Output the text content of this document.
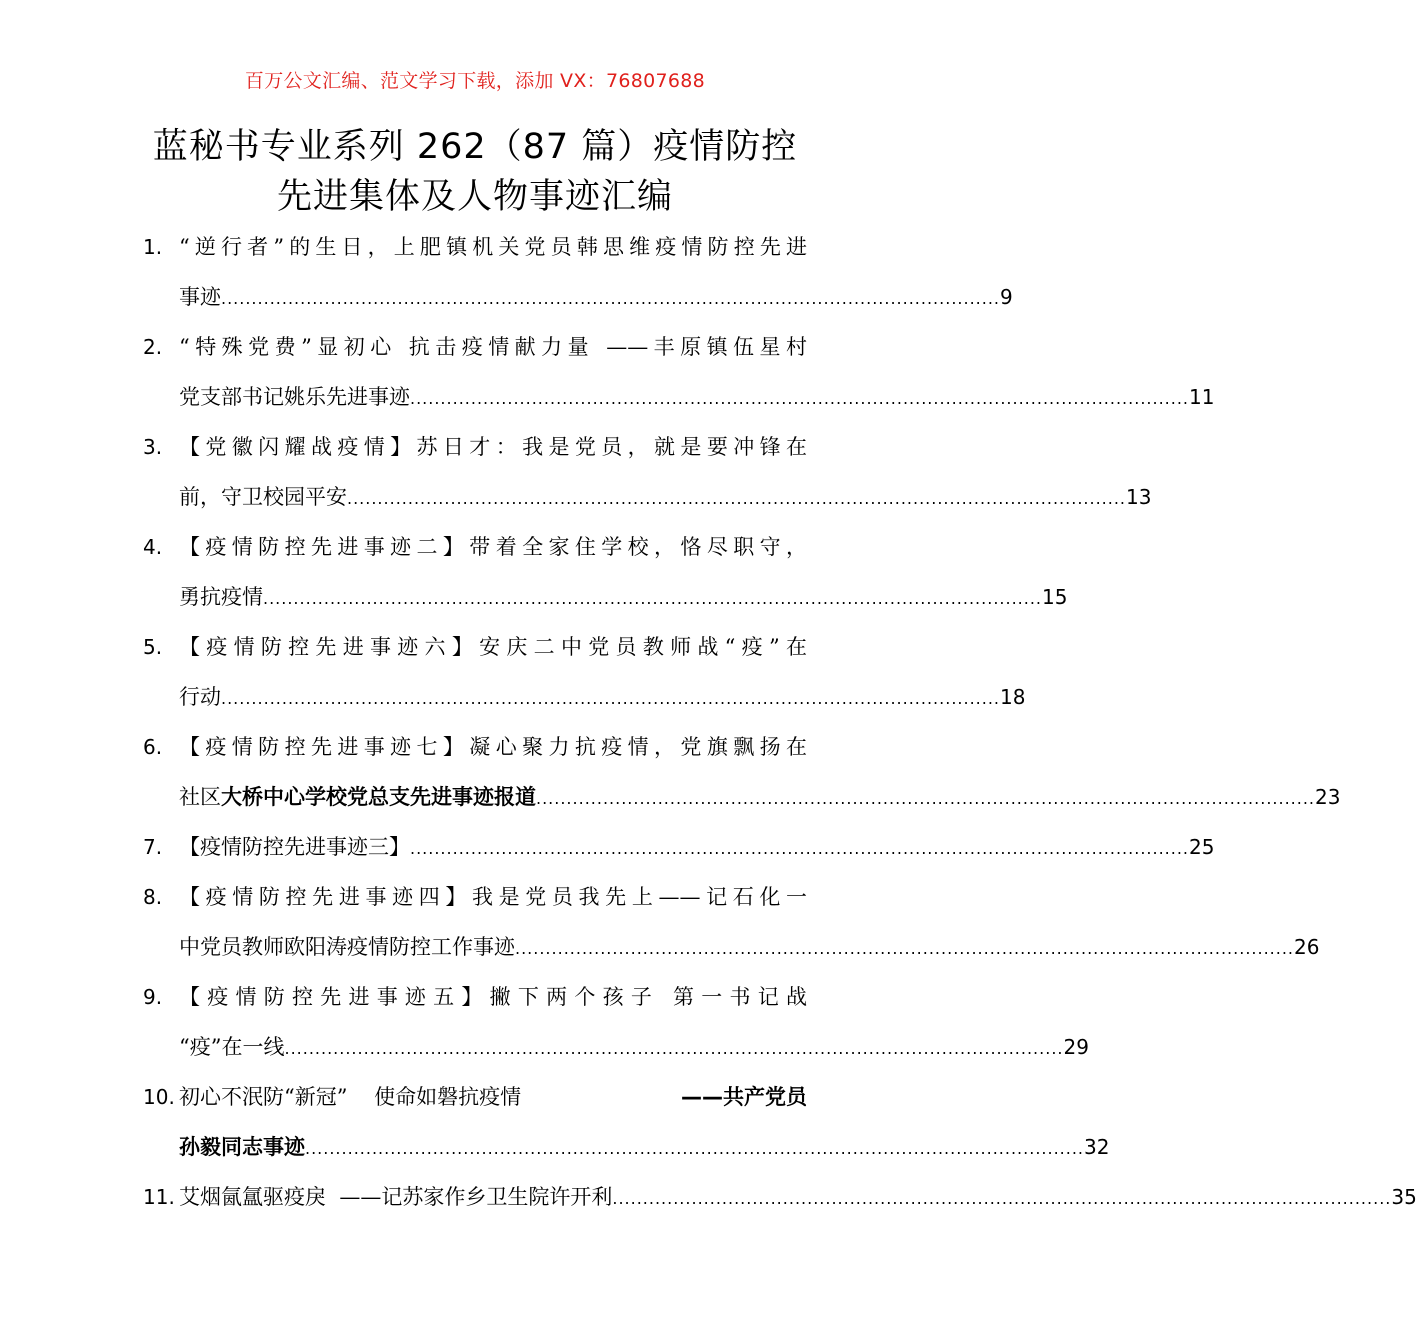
百万公文汇编、范文学习下载，添加 VX：76807688
蓝秘书专业系列 262（87 篇）疫情防控
先进集体及人物事迹汇编
1. “逆行者”的生日，上肥镇机关党员韩思维疫情防控先进
事迹 ................................................................................................................................ 9
2. “特殊党费”显初心 抗击疫情献力量 ——丰原镇伍星村
党支部书记姚乐先进事迹 ................................................................................................................................ 11
3. 【党徽闪耀战疫情】苏日才：我是党员，就是要冲锋在
前，守卫校园平安 ................................................................................................................................ 13
4. 【疫情防控先进事迹二】带着全家住学校，恪尽职守，
勇抗疫情 ................................................................................................................................ 15
5. 【疫情防控先进事迹六】安庆二中党员教师战“疫”在
行动 ................................................................................................................................ 18
6. 【疫情防控先进事迹七】凝心聚力抗疫情，党旗飘扬在
社区 大桥中心学校党总支先进事迹报道 ................................................................................................................................ 23
7. 【疫情防控先进事迹三】 ................................................................................................................................ 25
8. 【疫情防控先进事迹四】我是党员我先上——记石化一
中党员教师欧阳涛疫情防控工作事迹 ................................................................................................................................ 26
9. 【疫情防控先进事迹五】撇下两个孩子 第一书记战
“疫”在一线 ................................................................................................................................ 29
10. 初心不泯防“新冠”    使命如磐抗疫情	——共产党员
孙毅同志事迹 ................................................................................................................................ 32
11. 艾烟氤氲驱疫戾  ——记苏家作乡卫生院许开利 ................................................................................................................................ 35
